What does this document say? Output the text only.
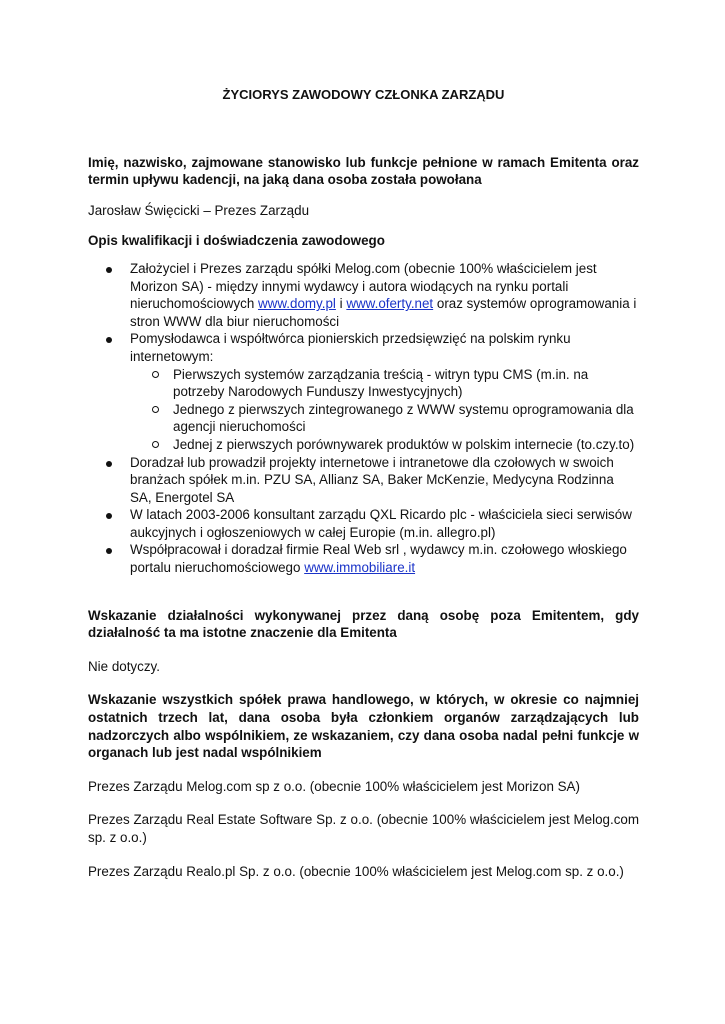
ŻYCIORYS ZAWODOWY CZŁONKA ZARZĄDU

Imię, nazwisko, zajmowane stanowisko lub funkcje pełnione w ramach Emitenta oraz termin upływu kadencji, na jaką dana osoba została powołana

Jarosław Święcicki – Prezes Zarządu

Opis kwalifikacji i doświadczenia zawodowego

Założyciel i Prezes zarządu spółki Melog.com (obecnie 100% właścicielem jest Morizon SA) - między innymi wydawcy i autora wiodących na rynku portali nieruchomościowych www.domy.pl i www.oferty.net oraz systemów oprogramowania i stron WWW dla biur nieruchomości
Pomysłodawca i współtwórca pionierskich przedsięwzięć na polskim rynku internetowym:
Pierwszych systemów zarządzania treścią - witryn typu CMS (m.in. na potrzeby Narodowych Funduszy Inwestycyjnych)
Jednego z pierwszych zintegrowanego z WWW systemu oprogramowania dla agencji nieruchomości
Jednej z pierwszych porównywarek produktów w polskim internecie (to.czy.to)
Doradzał lub prowadził projekty internetowe i intranetowe dla czołowych w swoich branżach spółek m.in. PZU SA, Allianz SA, Baker McKenzie, Medycyna Rodzinna SA, Energotel SA
W latach 2003-2006 konsultant zarządu QXL Ricardo plc - właściciela sieci serwisów aukcyjnych i ogłoszeniowych w całej Europie (m.in. allegro.pl)
Współpracował i doradzał firmie Real Web srl , wydawcy m.in. czołowego włoskiego portalu nieruchomościowego www.immobiliare.it

Wskazanie działalności wykonywanej przez daną osobę poza Emitentem, gdy działalność ta ma istotne znaczenie dla Emitenta

Nie dotyczy.

Wskazanie wszystkich spółek prawa handlowego, w których, w okresie co najmniej ostatnich trzech lat, dana osoba była członkiem organów zarządzających lub nadzorczych albo wspólnikiem, ze wskazaniem, czy dana osoba nadal pełni funkcje w organach lub jest nadal wspólnikiem

Prezes Zarządu Melog.com sp z o.o. (obecnie 100% właścicielem jest Morizon SA)

Prezes Zarządu Real Estate Software Sp. z o.o. (obecnie 100% właścicielem jest Melog.com sp. z o.o.)

Prezes Zarządu Realo.pl Sp. z o.o. (obecnie 100% właścicielem jest Melog.com sp. z o.o.)
